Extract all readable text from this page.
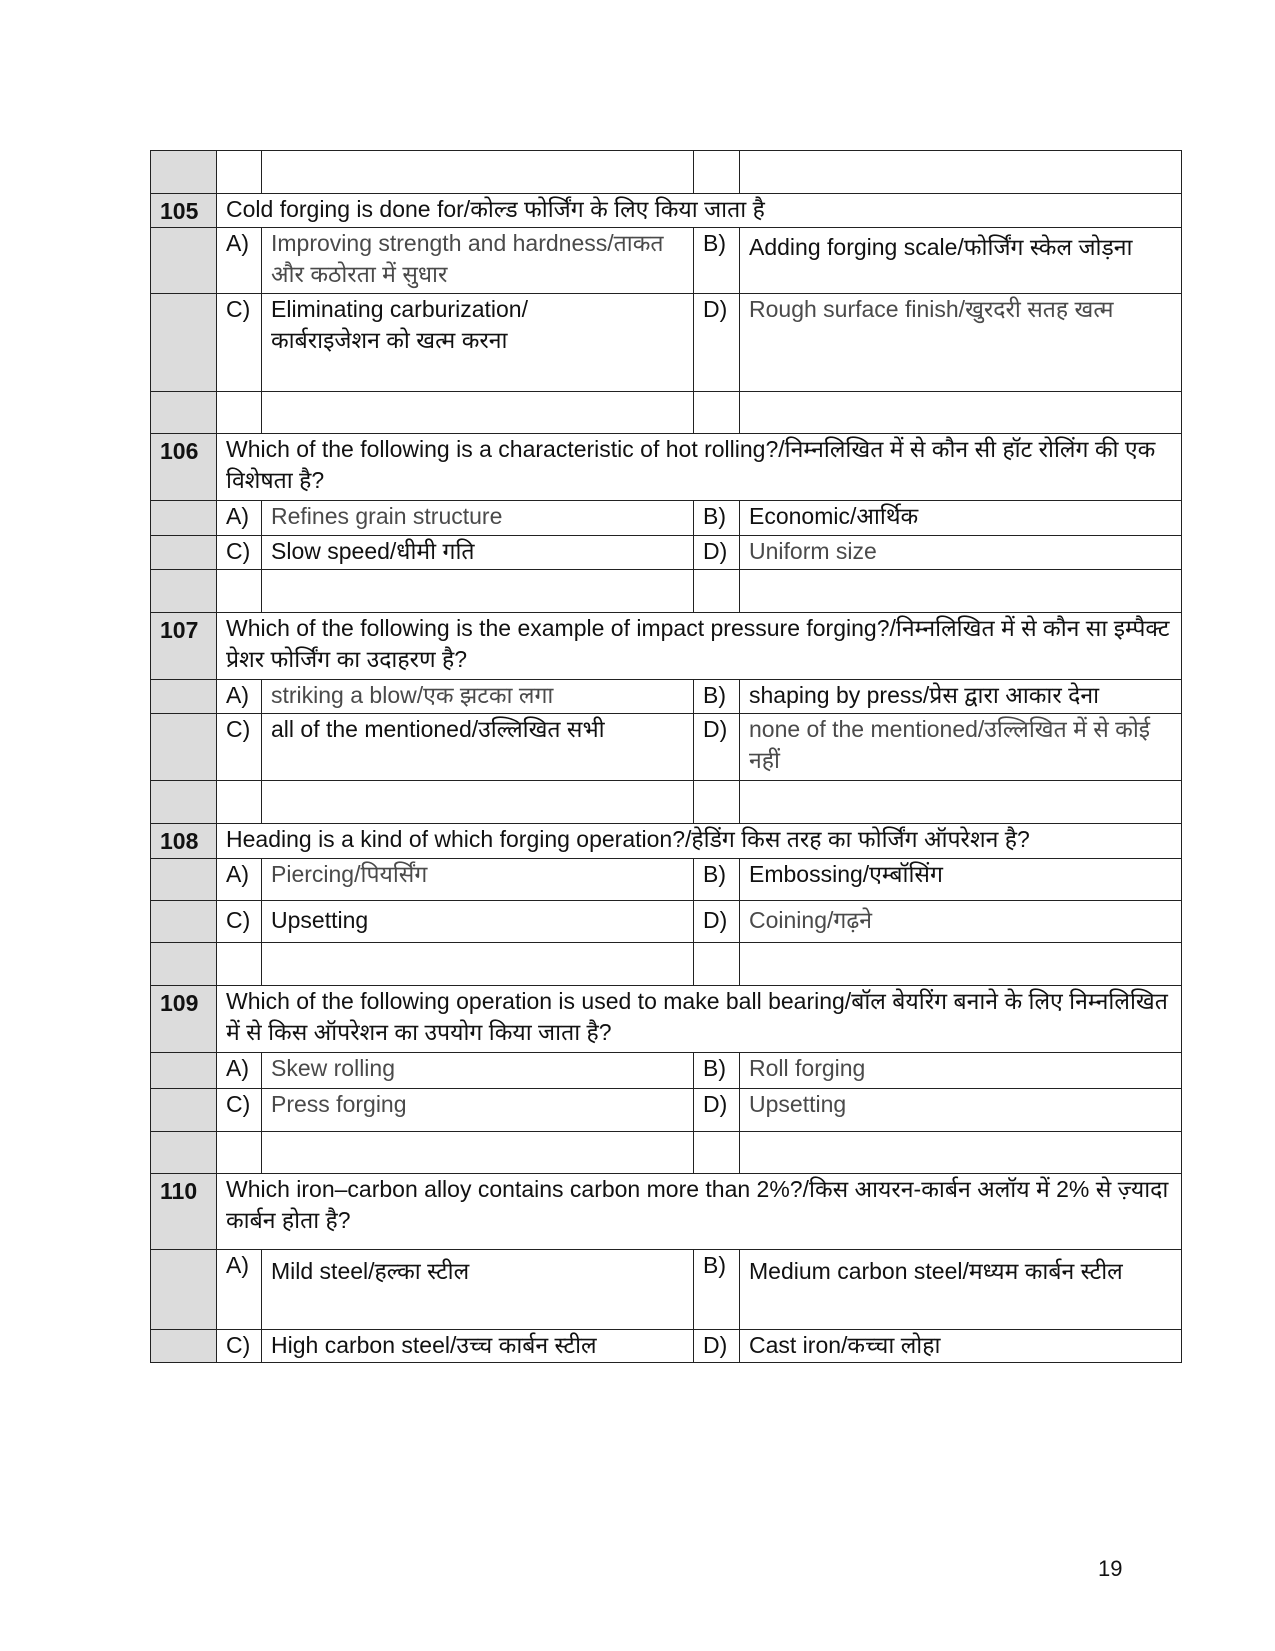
105	Cold forging is done for/कोल्ड फोर्जिंग के लिए किया जाता है			
	A)	Improving strength and hardness/ताकत और कठोरता में सुधार	B)	Adding forging scale/फोर्जिंग स्केल जोड़ना
	C)	Eliminating carburization/कार्बराइजेशन को खत्म करना	D)	Rough surface finish/खुरदरी सतह खत्म

106	Which of the following is a characteristic of hot rolling?/निम्नलिखित में से कौन सी हॉट रोलिंग की एक विशेषता है?			
	A)	Refines grain structure	B)	Economic/आर्थिक
	C)	Slow speed/धीमी गति	D)	Uniform size

107	Which of the following is the example of impact pressure forging?/निम्नलिखित में से कौन सा इम्पैक्ट प्रेशर फोर्जिंग का उदाहरण है?			
	A)	striking a blow/एक झटका लगा	B)	shaping by press/प्रेस द्वारा आकार देना
	C)	all of the mentioned/उल्लिखित सभी	D)	none of the mentioned/उल्लिखित में से कोई नहीं

108	Heading is a kind of which forging operation?/हेडिंग किस तरह का फोर्जिंग ऑपरेशन है?			
	A)	Piercing/पियर्सिंग	B)	Embossing/एम्बॉसिंग
	C)	Upsetting	D)	Coining/गढ़ने

109	Which of the following operation is used to make ball bearing/बॉल बेयरिंग बनाने के लिए निम्नलिखित में से किस ऑपरेशन का उपयोग किया जाता है?			
	A)	Skew rolling	B)	Roll forging
	C)	Press forging	D)	Upsetting

110	Which iron–carbon alloy contains carbon more than 2%?/किस आयरन-कार्बन अलॉय में 2% से ज़्यादा कार्बन होता है?			
	A)	Mild steel/हल्का स्टील	B)	Medium carbon steel/मध्यम कार्बन स्टील
	C)	High carbon steel/उच्च कार्बन स्टील	D)	Cast iron/कच्चा लोहा
19
